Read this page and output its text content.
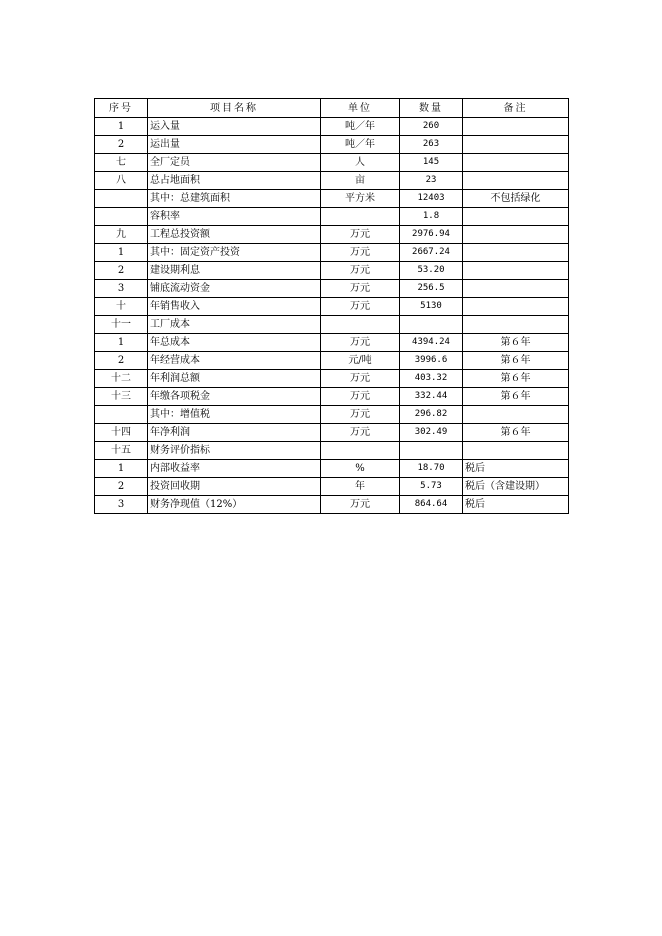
序号	项目名称	单位	数量	备注
1	运入量	吨／年	260	
2	运出量	吨／年	263	
七	全厂定员	人	145	
八	总占地面积	亩	23	
	其中：总建筑面积	平方米	12403	不包括绿化
	容积率		1.8	
九	工程总投资额	万元	2976.94	
1	其中：固定资产投资	万元	2667.24	
2	建设期利息	万元	53.20	
3	铺底流动资金	万元	256.5	
十	年销售收入	万元	5130	
十一	工厂成本			
1	年总成本	万元	4394.24	第６年
2	年经营成本	元/吨	3996.6	第６年
十二	年利润总额	万元	403.32	第６年
十三	年缴各项税金	万元	332.44	第６年
	其中：增值税	万元	296.82	
十四	年净利润	万元	302.49	第６年
十五	财务评价指标			
1	内部收益率	%	18.70	税后
2	投资回收期	年	5.73	税后（含建设期）
3	财务净现值（12%）	万元	864.64	税后
